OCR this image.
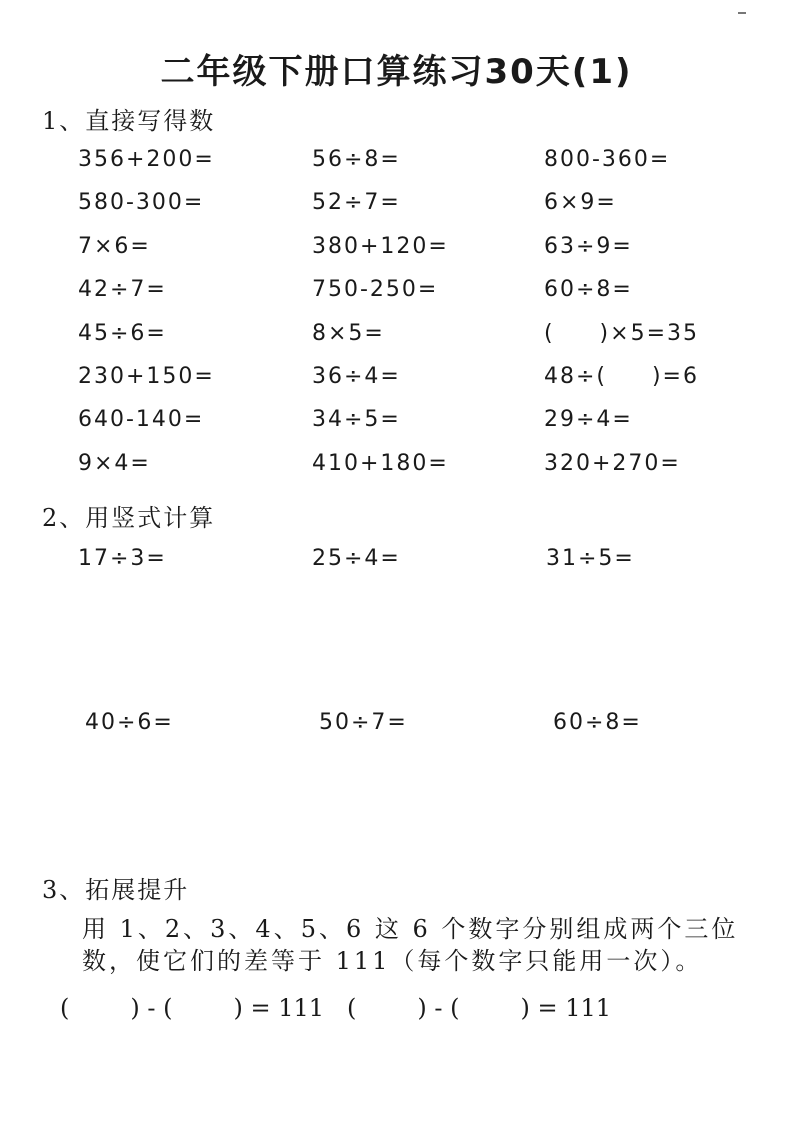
二年级下册口算练习30天(1)
1、直接写得数
356+200=	56÷8=	800-360=
580-300=	52÷7=	6×9=
7×6=	380+120=	63÷9=
42÷7=	750-250=	60÷8=
45÷6=	8×5=	(     )×5=35
230+150=	36÷4=	48÷(     )=6
640-140=	34÷5=	29÷4=
9×4=	410+180=	320+270=
2、用竖式计算
17÷3=	25÷4=	31÷5=
40÷6=	50÷7=	60÷8=
3、拓展提升
用 1、2、3、4、5、6 这 6 个数字分别组成两个三位
数，使它们的差等于 111（每个数字只能用一次）。
(        ) - (        ) = 111   (        ) - (        ) = 111
